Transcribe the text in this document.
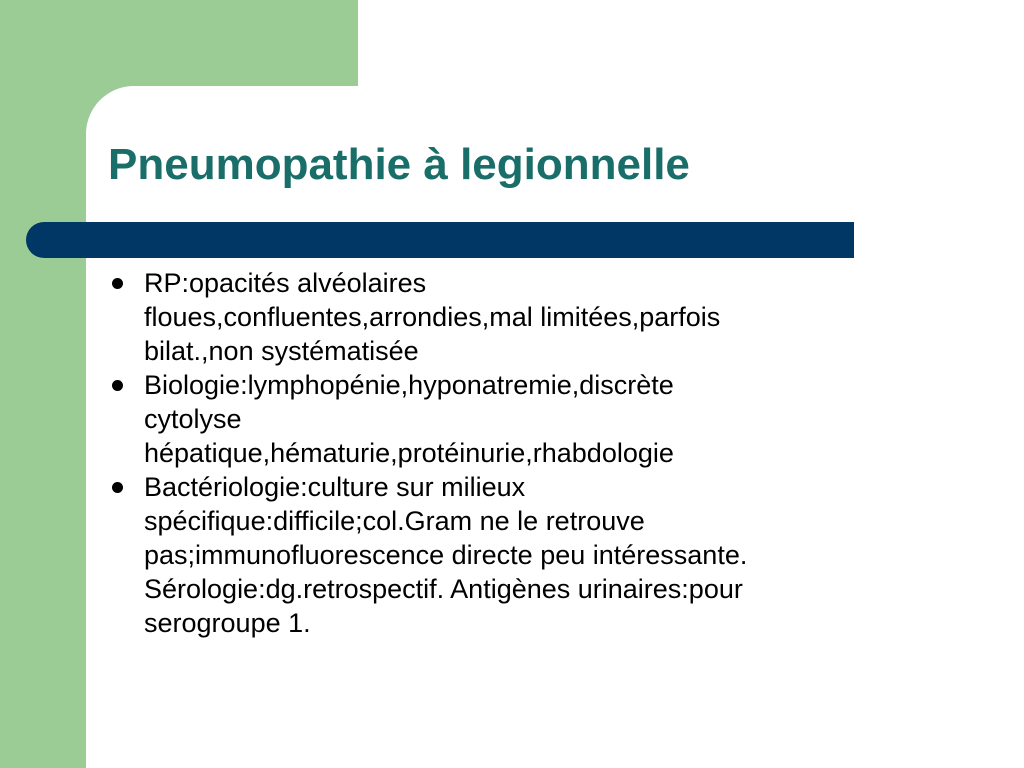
Pneumopathie à legionnelle
RP:opacités alvéolaires
floues,confluentes,arrondies,mal limitées,parfois
bilat.,non systématisée
Biologie:lymphopénie,hyponatremie,discrète
cytolyse
hépatique,hématurie,protéinurie,rhabdologie
Bactériologie:culture sur milieux
spécifique:difficile;col.Gram ne le retrouve
pas;immunofluorescence directe peu intéressante.
Sérologie:dg.retrospectif. Antigènes urinaires:pour
serogroupe 1.
